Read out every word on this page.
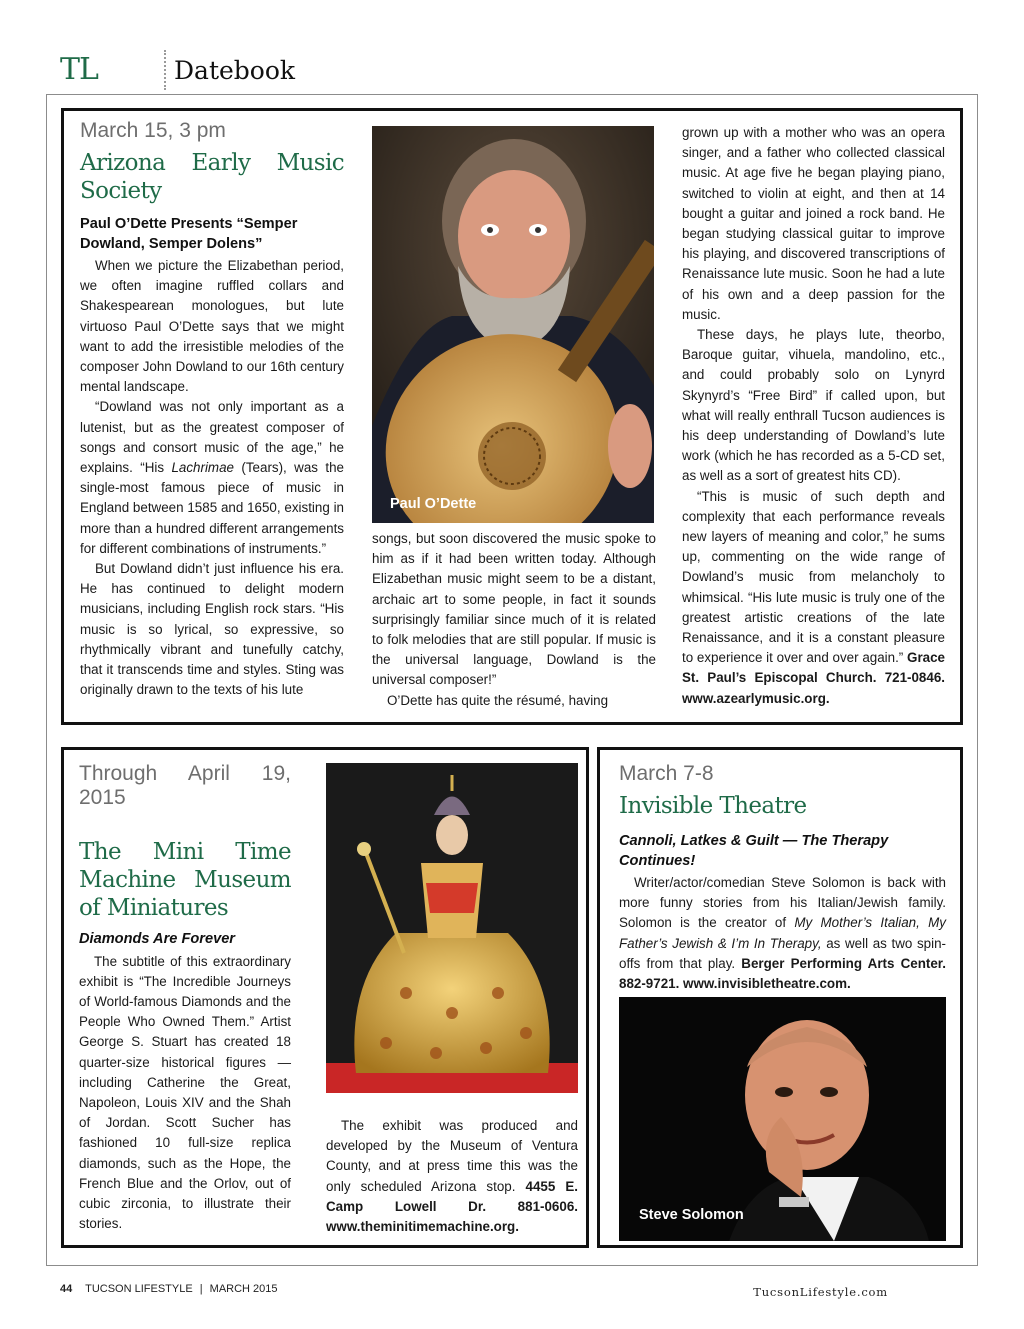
TL	Datebook
March 15, 3 pm
Arizona Early Music Society
Paul O’Dette Presents “Semper Dowland, Semper Dolens”

When we picture the Elizabethan period, we often imagine ruffled collars and Shakespearean monologues, but lute virtuoso Paul O’Dette says that we might want to add the irresistible melodies of the composer John Dowland to our 16th century mental landscape.

“Dowland was not only important as a lutenist, but as the greatest composer of songs and consort music of the age,” he explains. “His Lachrimae (Tears), was the single-most famous piece of music in England between 1585 and 1650, existing in more than a hundred different arrangements for different combinations of instruments.”

But Dowland didn’t just influence his era. He has continued to delight modern musicians, including English rock stars. “His music is so lyrical, so expressive, so rhythmically vibrant and tunefully catchy, that it transcends time and styles. Sting was originally drawn to the texts of his lute

Paul O’Dette

songs, but soon discovered the music spoke to him as if it had been written today. Although Elizabethan music might seem to be a distant, archaic art to some people, in fact it sounds surprisingly familiar since much of it is related to folk melodies that are still popular. If music is the universal language, Dowland is the universal composer!”

O’Dette has quite the résumé, having

grown up with a mother who was an opera singer, and a father who collected classical music. At age five he began playing piano, switched to violin at eight, and then at 14 bought a guitar and joined a rock band. He began studying classical guitar to improve his playing, and discovered transcriptions of Renaissance lute music. Soon he had a lute of his own and a deep passion for the music.

These days, he plays lute, theorbo, Baroque guitar, vihuela, mandolino, etc., and could probably solo on Lynyrd Skynyrd’s “Free Bird” if called upon, but what will really enthrall Tucson audiences is his deep understanding of Dowland’s lute work (which he has recorded as a 5-CD set, as well as a sort of greatest hits CD).

“This is music of such depth and complexity that each performance reveals new layers of meaning and color,” he sums up, commenting on the wide range of Dowland’s music from melancholy to whimsical. “His lute music is truly one of the greatest artistic creations of the late Renaissance, and it is a constant pleasure to experience it over and over again.” Grace St. Paul’s Episcopal Church. 721-0846. www.azearlymusic.org.

Through April 19, 2015
The Mini Time Machine Museum of Miniatures
Diamonds Are Forever

The subtitle of this extraordinary exhibit is “The Incredible Journeys of World-famous Diamonds and the People Who Owned Them.” Artist George S. Stuart has created 18 quarter-size historical figures — including Catherine the Great, Napoleon, Louis XIV and the Shah of Jordan. Scott Sucher has fashioned 10 full-size replica diamonds, such as the Hope, the French Blue and the Orlov, out of cubic zirconia, to illustrate their stories.

The exhibit was produced and developed by the Museum of Ventura County, and at press time this was the only scheduled Arizona stop. 4455 E. Camp Lowell Dr. 881-0606. www.theminitimemachine.org.

March 7-8
Invisible Theatre
Cannoli, Latkes & Guilt — The Therapy Continues!

Writer/actor/comedian Steve Solomon is back with more funny stories from his Italian/Jewish family. Solomon is the creator of My Mother’s Italian, My Father’s Jewish & I’m In Therapy, as well as two spin-offs from that play. Berger Performing Arts Center. 882-9721. www.invisibletheatre.com.

Steve Solomon
44 TUCSON LIFESTYLE | MARCH 2015	TucsonLifestyle.com
